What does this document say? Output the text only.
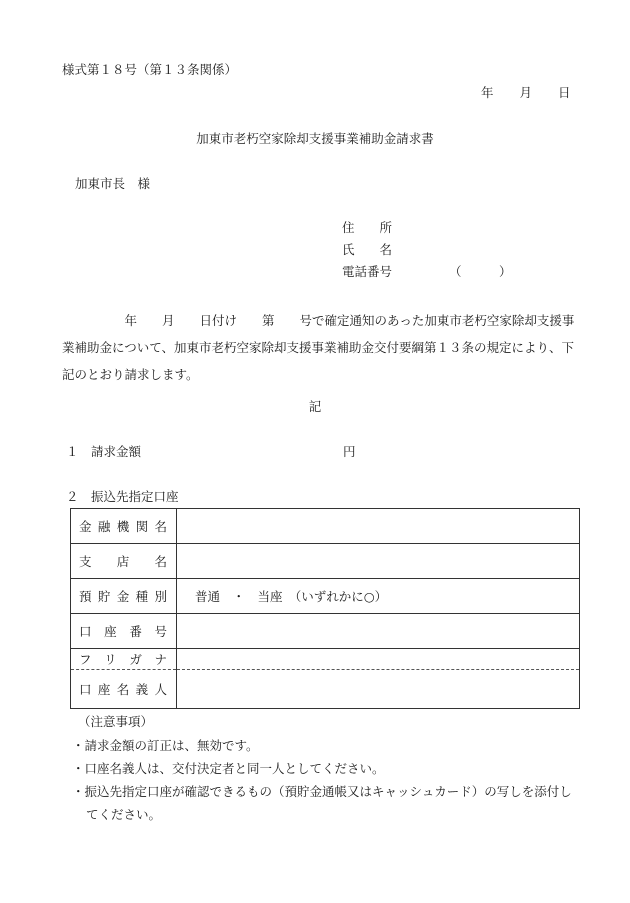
様式第１８号（第１３条関係）
年 月 日
加東市老朽空家除却支援事業補助金請求書
加東市長　様
住　　所
氏　　名
電話番号	（　　　）

　　　　　年　　月　　日付け　　第　　号で確定通知のあった加東市老朽空家除却支援事

業補助金について、加東市老朽空家除却支援事業補助金交付要綱第１３条の規定により、下

記のとおり請求します。

記
１　請求金額	円
２　振込先指定口座
金 融 機 関 名	

支 店 名	

預 貯 金 種 別	普通　・　当座　（いずれかに○）

口 座 番 号	

フ リ ガ ナ	

口 座 名 義 人	

（注意事項）
・請求金額の訂正は、無効です。
・口座名義人は、交付決定者と同一人としてください。
・振込先指定口座が確認できるもの（預貯金通帳又はキャッシュカード）の写しを添付し
てください。
